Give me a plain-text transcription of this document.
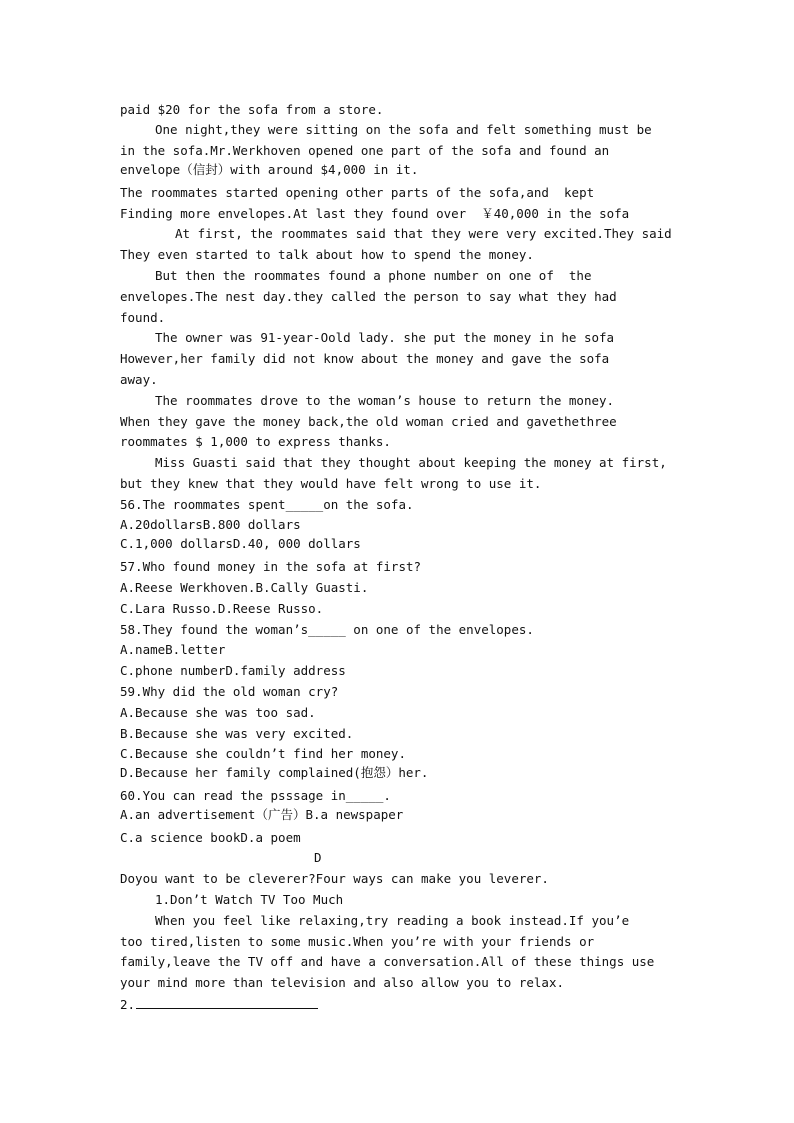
paid $20 for the sofa from a store.
One night,they were sitting on the sofa and felt something must be
in the sofa.Mr.Werkhoven opened one part of the sofa and found an
envelope（信封）with around $4,000 in it.
The roommates started opening other parts of the sofa,and  kept
Finding more envelopes.At last they found over  ￥40,000 in the sofa
At first, the roommates said that they were very excited.They said
They even started to talk about how to spend the money.
But then the roommates found a phone number on one of  the
envelopes.The nest day.they called the person to say what they had
found.
The owner was 91-year-Oold lady. she put the money in he sofa
However,her family did not know about the money and gave the sofa
away.
The roommates drove to the woman’s house to return the money.
When they gave the money back,the old woman cried and gavethethree
roommates $ 1,000 to express thanks.
Miss Guasti said that they thought about keeping the money at first,
but they knew that they would have felt wrong to use it.
56.The roommates spent_____on the sofa.
A.20dollarsB.800 dollars
C.1,000 dollarsD.40, 000 dollars
57.Who found money in the sofa at first?
A.Reese Werkhoven.B.Cally Guasti.
C.Lara Russo.D.Reese Russo.
58.They found the woman’s_____ on one of the envelopes.
A.nameB.letter
C.phone numberD.family address
59.Why did the old woman cry?
A.Because she was too sad.
B.Because she was very excited.
C.Because she couldn’t find her money.
D.Because her family complained(抱怨）her.
60.You can read the psssage in_____.
A.an advertisement（广告）B.a newspaper
C.a science bookD.a poem
D
Doyou want to be cleverer?Four ways can make you leverer.
1.Don’t Watch TV Too Much
When you feel like relaxing,try reading a book instead.If you’e
too tired,listen to some music.When you’re with your friends or
family,leave the TV off and have a conversation.All of these things use
your mind more than television and also allow you to relax.
2.
